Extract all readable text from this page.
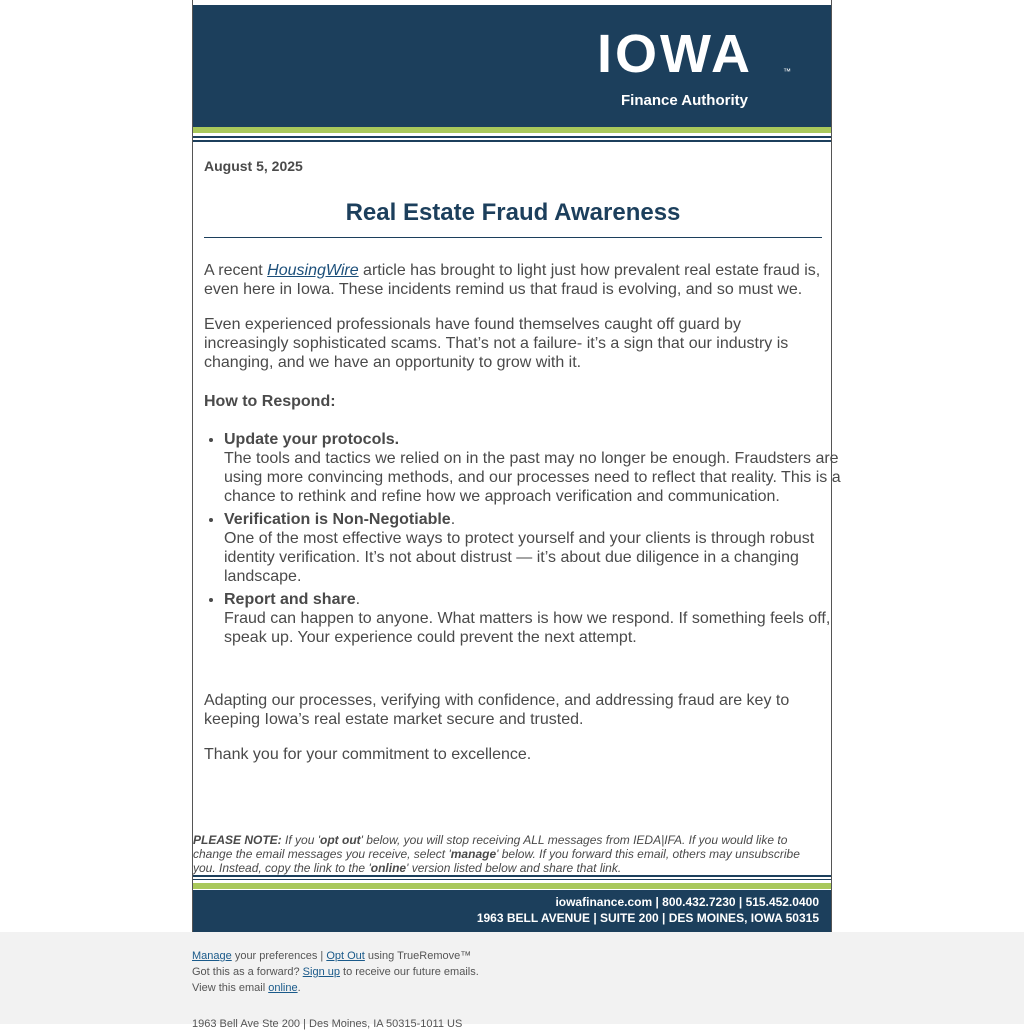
IOWA	™
Finance Authority
August 5, 2025
Real Estate Fraud Awareness
A recent HousingWire article has brought to light just how prevalent real estate fraud is, even here in Iowa. These incidents remind us that fraud is evolving, and so must we.
Even experienced professionals have found themselves caught off guard by increasingly sophisticated scams. That’s not a failure- it’s a sign that our industry is changing, and we have an opportunity to grow with it.
How to Respond:
• Update your protocols.
The tools and tactics we relied on in the past may no longer be enough. Fraudsters are using more convincing methods, and our processes need to reflect that reality. This is a chance to rethink and refine how we approach verification and communication.
• Verification is Non-Negotiable.
One of the most effective ways to protect yourself and your clients is through robust identity verification. It’s not about distrust — it’s about due diligence in a changing landscape.
• Report and share.
Fraud can happen to anyone. What matters is how we respond. If something feels off, speak up. Your experience could prevent the next attempt.
Adapting our processes, verifying with confidence, and addressing fraud are key to keeping Iowa’s real estate market secure and trusted.
Thank you for your commitment to excellence.
PLEASE NOTE: If you 'opt out' below, you will stop receiving ALL messages from IEDA|IFA. If you would like to change the email messages you receive, select 'manage' below. If you forward this email, others may unsubscribe you. Instead, copy the link to the 'online' version listed below and share that link.
iowafinance.com | 800.432.7230 | 515.452.0400
1963 BELL AVENUE | SUITE 200 | DES MOINES, IOWA 50315
Manage your preferences | Opt Out using TrueRemove™
Got this as a forward? Sign up to receive our future emails.
View this email online.
1963 Bell Ave Ste 200 | Des Moines, IA 50315-1011 US
